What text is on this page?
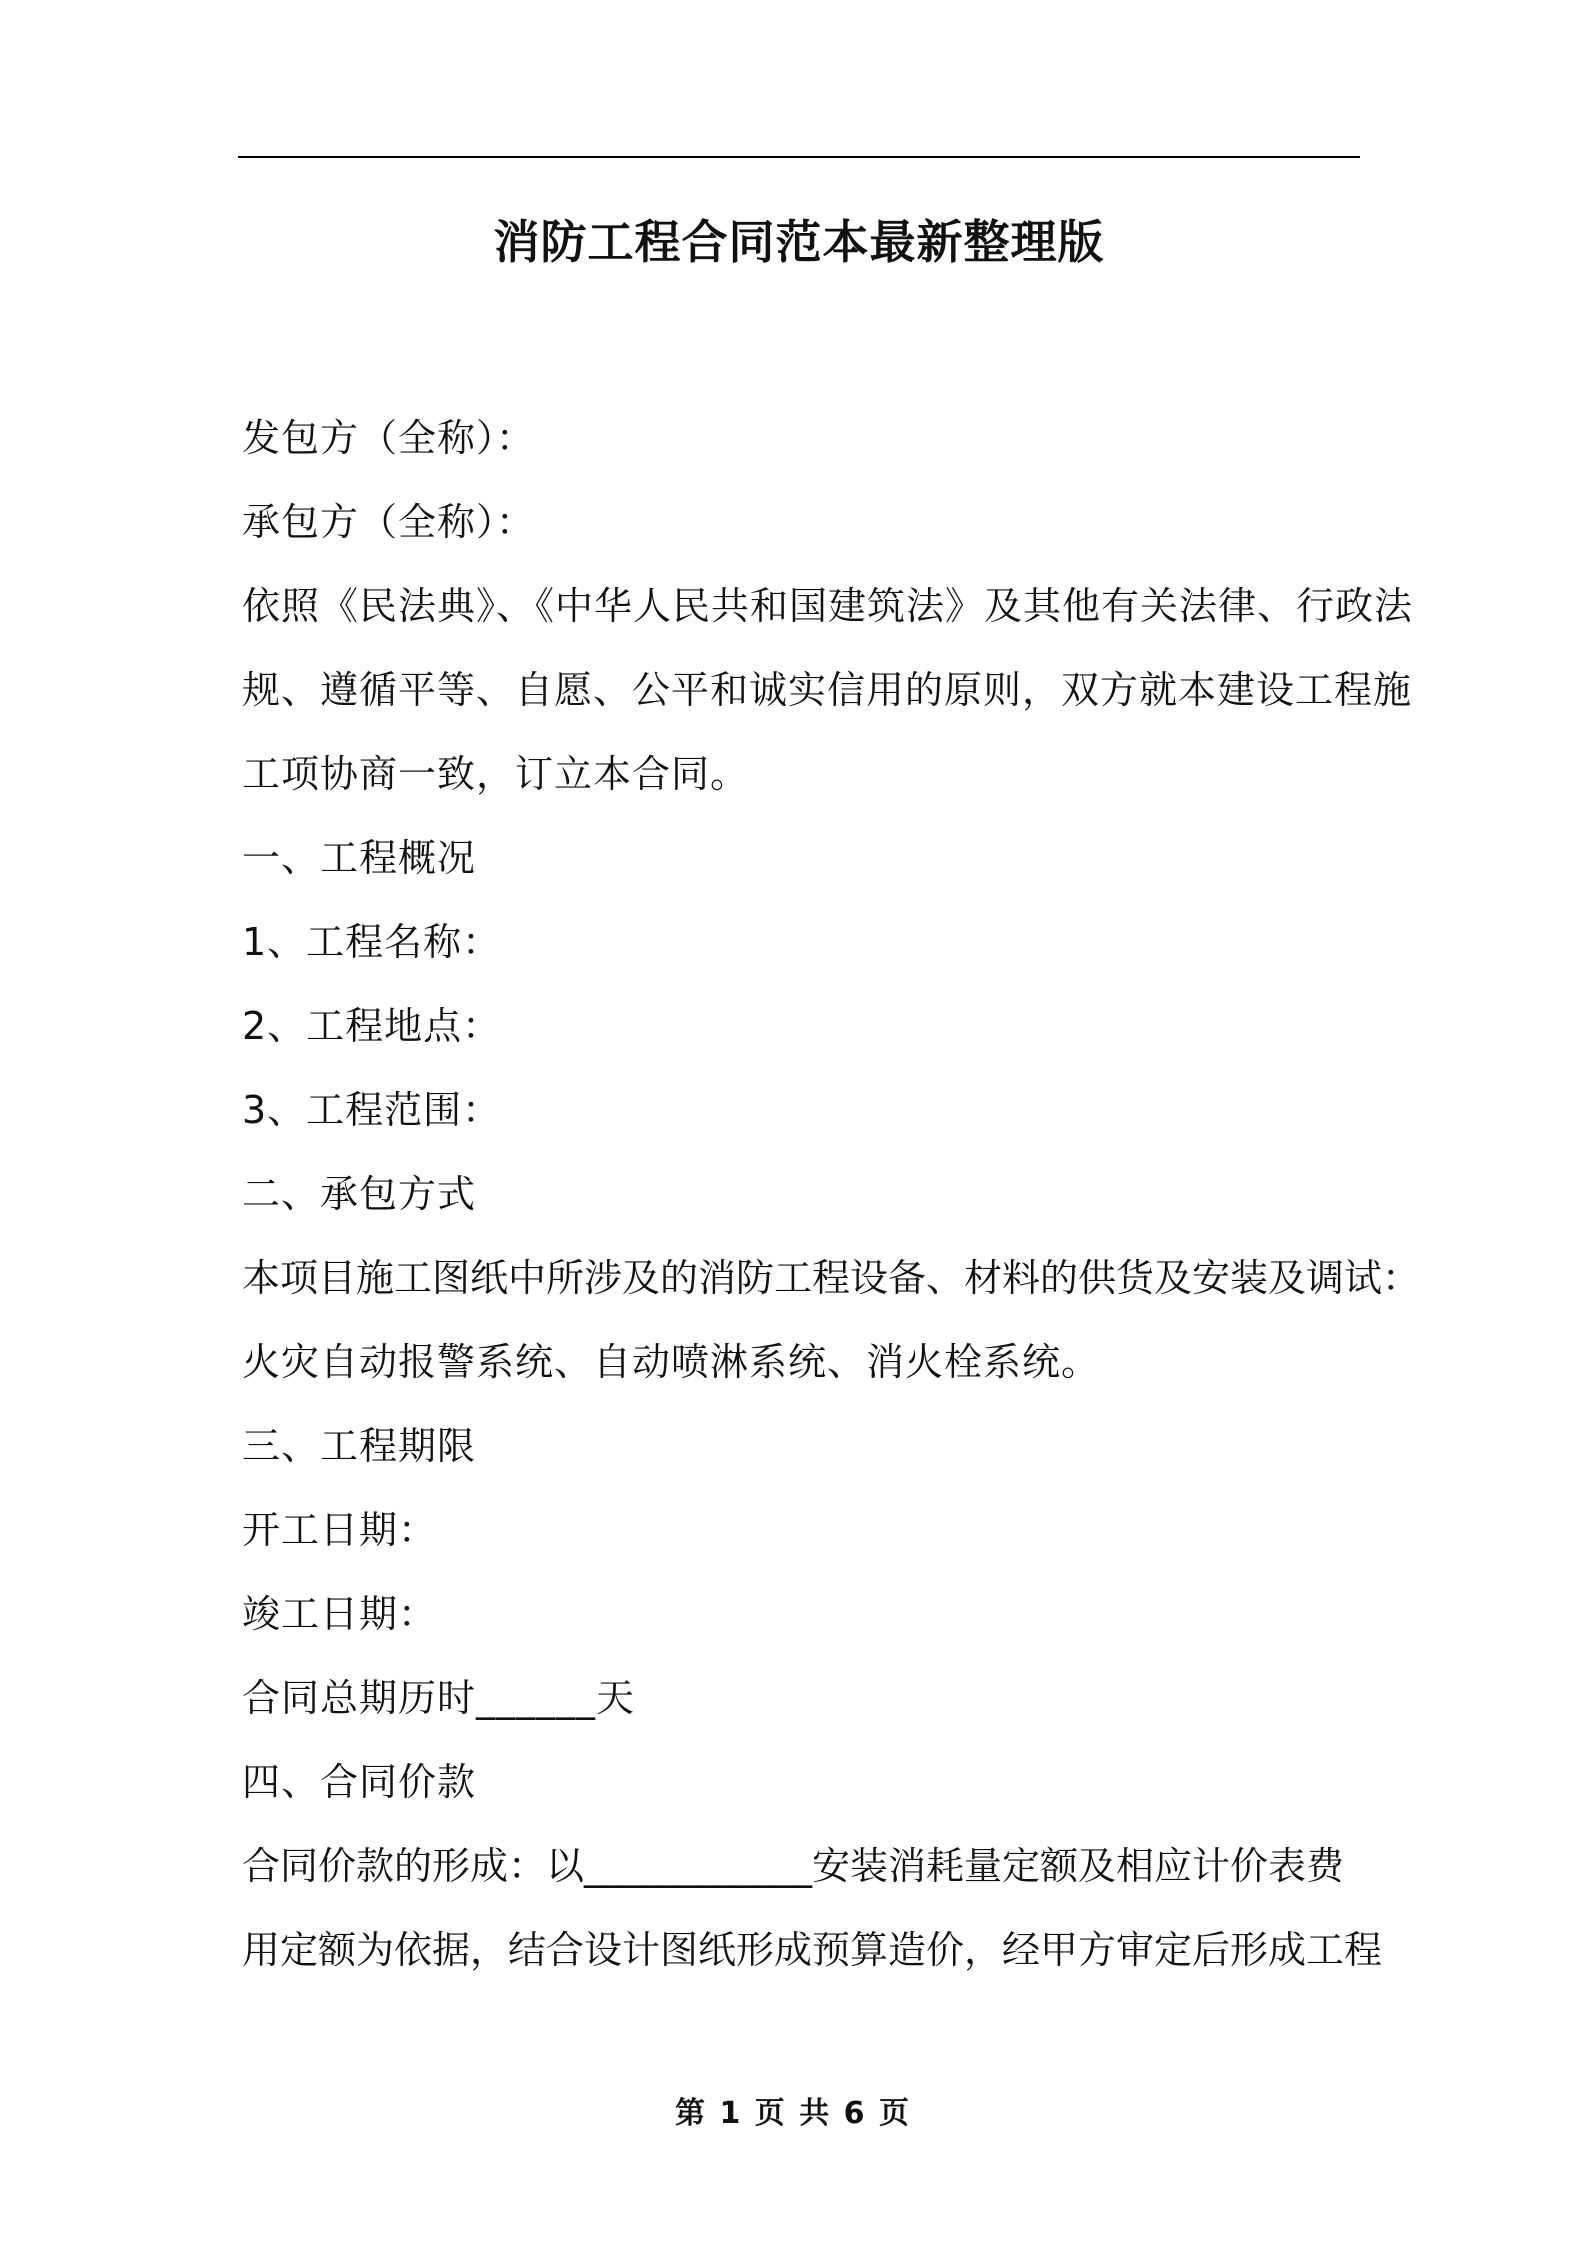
消防工程合同范本最新整理版

发包方（全称）：

承包方（全称）：

依照《民法典》、《中华人民共和国建筑法》及其他有关法律、行政法

规、遵循平等、自愿、公平和诚实信用的原则，双方就本建设工程施

工项协商一致，订立本合同。

一、工程概况

1、工程名称：

2、工程地点：

3、工程范围：

二、承包方式

本项目施工图纸中所涉及的消防工程设备、材料的供货及安装及调试：

火灾自动报警系统、自动喷淋系统、消火栓系统。

三、工程期限

开工日期：

竣工日期：

合同总期历时______天

四、合同价款

合同价款的形成：以____________安装消耗量定额及相应计价表费

用定额为依据，结合设计图纸形成预算造价，经甲方审定后形成工程

第 1 页 共 6 页
